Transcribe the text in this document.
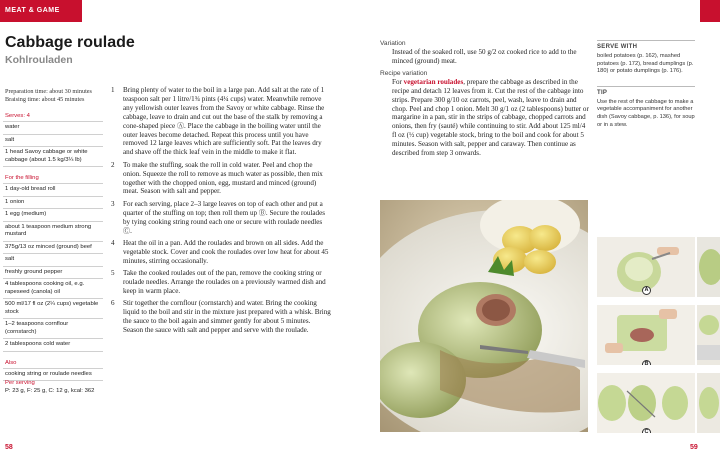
MEAT & GAME
Cabbage roulade
Kohlrouladen
Preparation time: about 30 minutes
Braising time: about 45 minutes
Serves: 4
water
salt
1 head Savoy cabbage or white cabbage (about 1.5 kg/3¼ lb)
For the filling
1 day-old bread roll
1 onion
1 egg (medium)
about 1 teaspoon medium strong mustard
375g/13 oz minced (ground) beef
salt
freshly ground pepper
4 tablespoons cooking oil, e.g. rapeseed (canola) oil
500 ml/17 fl oz (2¼ cups) vegetable stock
1–2 teaspoons cornflour (cornstarch)
2 tablespoons cold water
Also
cooking string or roulade needles
Per serving
P: 23 g, F: 25 g, C: 12 g, kcal: 362
1	Bring plenty of water to the boil in a large pan. Add salt at the rate of 1 teaspoon salt per 1 litre/1¾ pints (4¼ cups) water. Meanwhile remove any yellowish outer leaves from the Savoy or white cabbage. Rinse the cabbage, leave to drain and cut out the base of the stalk by removing a cone-shaped piece Ⓐ. Place the cabbage in the boiling water until the outer leaves become detached. Repeat this process until you have removed 12 large leaves which are sufficiently soft. Pat the leaves dry and shave off the thick leaf vein in the middle to make it flat.
2	To make the stuffing, soak the roll in cold water. Peel and chop the onion. Squeeze the roll to remove as much water as possible, then mix together with the chopped onion, egg, mustard and minced (ground) meat. Season with salt and pepper.
3	For each serving, place 2–3 large leaves on top of each other and put a quarter of the stuffing on top; then roll them up Ⓑ. Secure the roulades by tying cooking string round each one or secure with roulade needles Ⓒ.
4	Heat the oil in a pan. Add the roulades and brown on all sides. Add the vegetable stock. Cover and cook the roulades over low heat for about 45 minutes, stirring occasionally.
5	Take the cooked roulades out of the pan, remove the cooking string or roulade needles. Arrange the roulades on a previously warmed dish and keep in warm place.
6	Stir together the cornflour (cornstarch) and water. Bring the cooking liquid to the boil and stir in the mixture just prepared with a whisk. Bring the sauce to the boil again and simmer gently for about 5 minutes. Season the sauce with salt and pepper and serve with the roulade.
58
Variation
Instead of the soaked roll, use 50 g/2 oz cooked rice to add to the minced (ground) meat.
Recipe variation
For vegetarian roulades, prepare the cabbage as described in the recipe and detach 12 leaves from it. Cut the rest of the cabbage into strips. Prepare 300 g/10 oz carrots, peel, wash, leave to drain and chop. Peel and chop 1 onion. Melt 30 g/1 oz (2 tablespoons) butter or margarine in a pan, stir in the strips of cabbage, chopped carrots and onions, then fry (sauté) while continuing to stir. Add about 125 ml/4 fl oz (½ cup) vegetable stock, bring to the boil and cook for about 5 minutes. Season with salt, pepper and caraway. Then continue as described from step 3 onwards.
SERVE WITH
boiled potatoes (p. 162), mashed potatoes (p. 172), bread dumplings (p. 180) or potato dumplings (p. 176).
TIP
Use the rest of the cabbage to make a vegetable accompaniment for another dish (Savoy cabbage, p. 136), for soup or in a stew.
A
B
C
59
